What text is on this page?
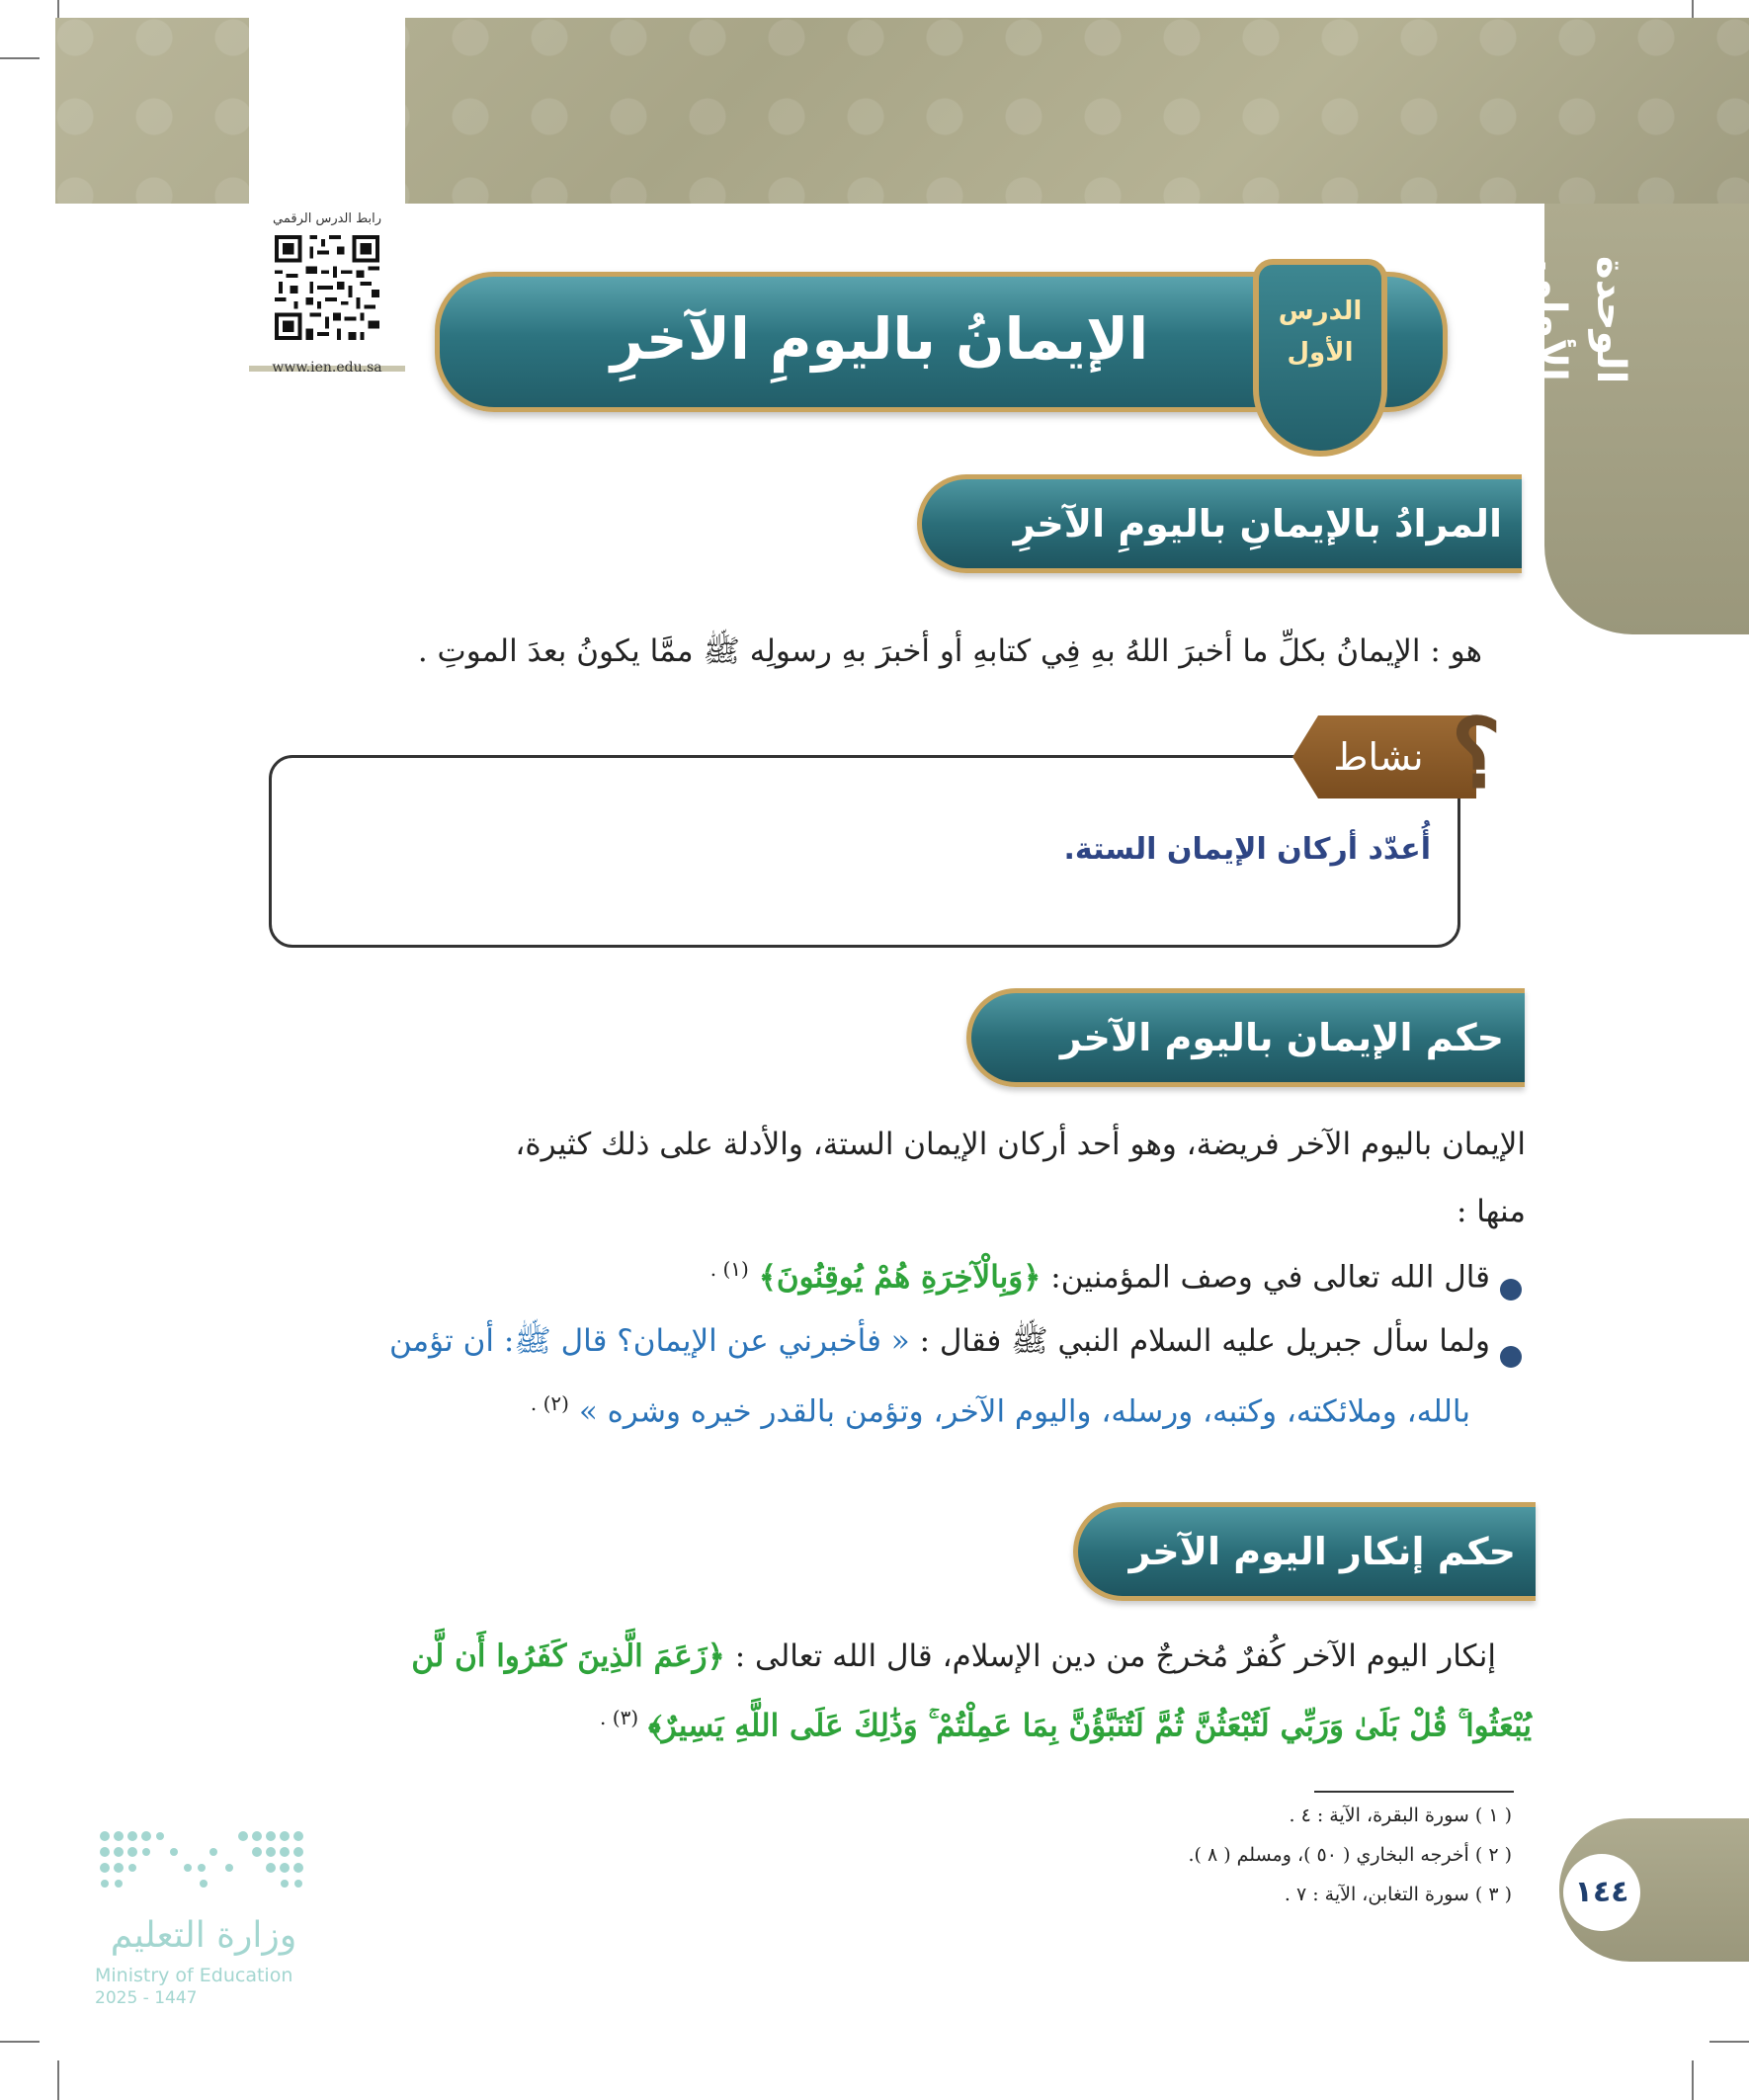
رابط الدرس الرقمي
www.ien.edu.sa	الوحدة الأولى
الإيمانُ باليومِ الآخرِ	الدرس
الأول
المرادُ بالإيمانِ باليومِ الآخرِ
هو : الإيمانُ بكلِّ ما أخبرَ اللهُ بهِ فِي كتابهِ أو أخبرَ بهِ رسولِه ﷺ ممَّا يكونُ بعدَ الموتِ .
نشاط ؟
أُعدّد أركان الإيمان الستة.
حكم الإيمان باليوم الآخر
الإيمان باليوم الآخر فريضة، وهو أحد أركان الإيمان الستة، والأدلة على ذلك كثيرة،
منها :
قال الله تعالى في وصف المؤمنين: ﴿وَبِالْآخِرَةِ هُمْ يُوقِنُونَ﴾ $^{(١) .}$
ولما سأل جبريل عليه السلام النبي ﷺ فقال : « فأخبرني عن الإيمان؟ قال ﷺ: أن تؤمن
بالله، وملائكته، وكتبه، ورسله، واليوم الآخر، وتؤمن بالقدر خيره وشره » $^{(٢) .}$
حكم إنكار اليوم الآخر
إنكار اليوم الآخر كُفرٌ مُخرجٌ من دين الإسلام، قال الله تعالى : ﴿زَعَمَ الَّذِينَ كَفَرُوا أَن لَّن
يُبْعَثُوا ۚ قُلْ بَلَىٰ وَرَبِّي لَتُبْعَثُنَّ ثُمَّ لَتُنَبَّؤُنَّ بِمَا عَمِلْتُمْ ۚ وَذَٰلِكَ عَلَى اللَّهِ يَسِيرٌ﴾ $^{(٣) .}$
( ١ ) سورة البقرة، الآية : ٤ .
( ٢ ) أخرجه البخاري ( ٥٠ )، ومسلم ( ٨ ).
( ٣ ) سورة التغابن، الآية : ٧ .	١٤٤
وزارة التعليم
Ministry of Education
2025 - 1447
